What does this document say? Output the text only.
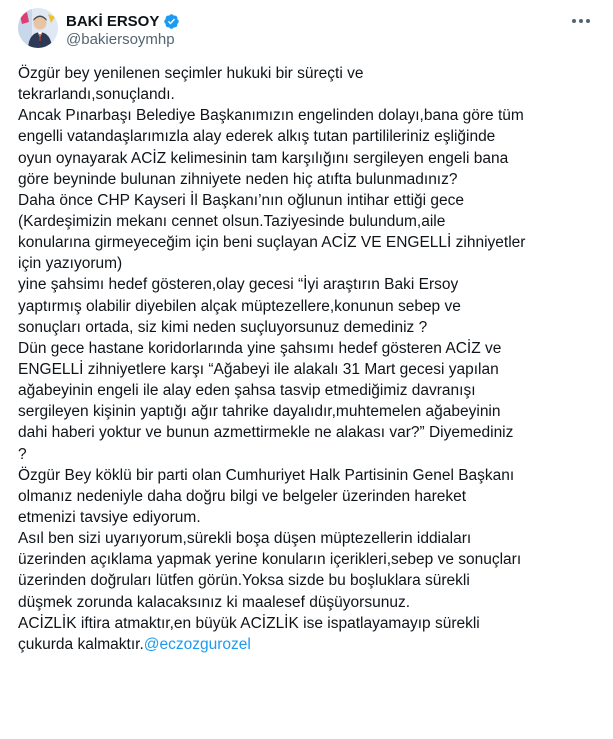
BAKİ ERSOY
@bakiersoymhp
Özgür bey yenilenen seçimler hukuki bir süreçti ve
tekrarlandı,sonuçlandı.
Ancak Pınarbaşı Belediye Başkanımızın engelinden dolayı,bana göre tüm
engelli vatandaşlarımızla alay ederek alkış tutan partilileriniz eşliğinde
oyun oynayarak ACİZ kelimesinin tam karşılığını sergileyen engeli bana
göre beyninde bulunan zihniyete neden hiç atıfta bulunmadınız?
Daha önce CHP Kayseri İl Başkanı’nın oğlunun intihar ettiği gece
(Kardeşimizin mekanı cennet olsun.Taziyesinde bulundum,aile
konularına girmeyeceğim için beni suçlayan ACİZ VE ENGELLİ zihniyetler
için yazıyorum)
yine şahsimı hedef gösteren,olay gecesi “İyi araştırın Baki Ersoy
yaptırmış olabilir diyebilen alçak müptezellere,konunun sebep ve
sonuçları ortada, siz kimi neden suçluyorsunuz demediniz ?
Dün gece hastane koridorlarında yine şahsımı hedef gösteren ACİZ ve
ENGELLİ zihniyetlere karşı “Ağabeyi ile alakalı 31 Mart gecesi yapılan
ağabeyinin engeli ile alay eden şahsa tasvip etmediğimiz davranışı
sergileyen kişinin yaptığı ağır tahrike dayalıdır,muhtemelen ağabeyinin
dahi haberi yoktur ve bunun azmettirmekle ne alakası var?” Diyemediniz
?
Özgür Bey köklü bir parti olan Cumhuriyet Halk Partisinin Genel Başkanı
olmanız nedeniyle daha doğru bilgi ve belgeler üzerinden hareket
etmenizi tavsiye ediyorum.
Asıl ben sizi uyarıyorum,sürekli boşa düşen müptezellerin iddiaları
üzerinden açıklama yapmak yerine konuların içerikleri,sebep ve sonuçları
üzerinden doğruları lütfen görün.Yoksa sizde bu boşluklara sürekli
düşmek zorunda kalacaksınız ki maalesef düşüyorsunuz.
ACİZLİK iftira atmaktır,en büyük ACİZLİK ise ispatlayamayıp sürekli
çukurda kalmaktır.@eczozgurozel
